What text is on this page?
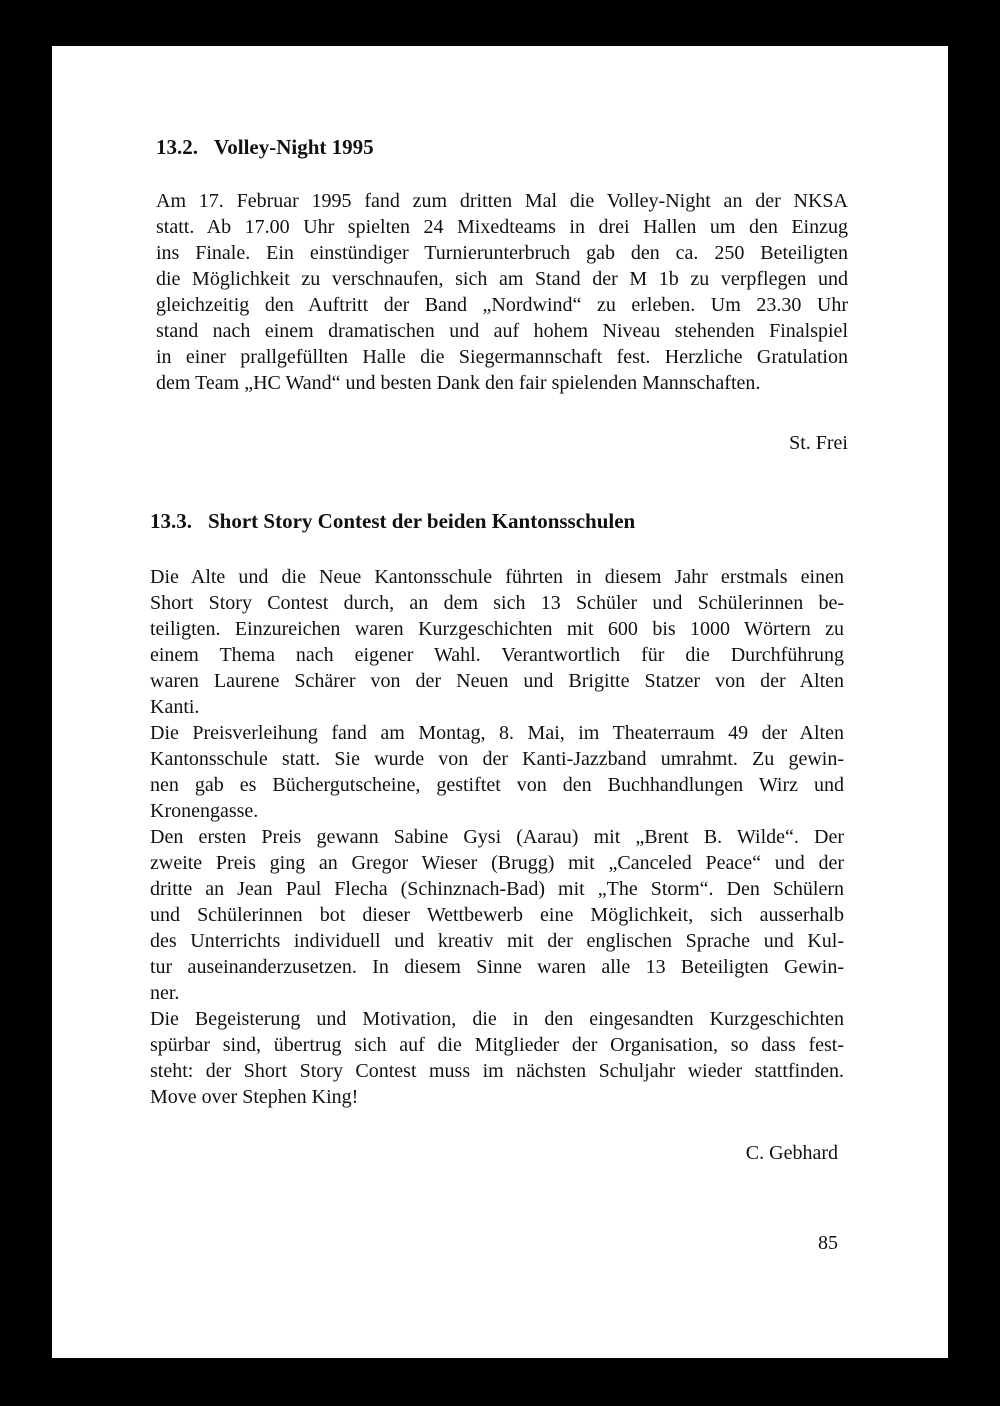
13.2. Volley-Night 1995
Am 17. Februar 1995 fand zum dritten Mal die Volley-Night an der NKSA
statt. Ab 17.00 Uhr spielten 24 Mixedteams in drei Hallen um den Einzug
ins Finale. Ein einstündiger Turnierunterbruch gab den ca. 250 Beteiligten
die Möglichkeit zu verschnaufen, sich am Stand der M 1b zu verpflegen und
gleichzeitig den Auftritt der Band „Nordwind“ zu erleben. Um 23.30 Uhr
stand nach einem dramatischen und auf hohem Niveau stehenden Finalspiel
in einer prallgefüllten Halle die Siegermannschaft fest. Herzliche Gratulation
dem Team „HC Wand“ und besten Dank den fair spielenden Mannschaften.
St. Frei
13.3. Short Story Contest der beiden Kantonsschulen
Die Alte und die Neue Kantonsschule führten in diesem Jahr erstmals einen
Short Story Contest durch, an dem sich 13 Schüler und Schülerinnen be-
teiligten. Einzureichen waren Kurzgeschichten mit 600 bis 1000 Wörtern zu
einem Thema nach eigener Wahl. Verantwortlich für die Durchführung
waren Laurene Schärer von der Neuen und Brigitte Statzer von der Alten
Kanti.
Die Preisverleihung fand am Montag, 8. Mai, im Theaterraum 49 der Alten
Kantonsschule statt. Sie wurde von der Kanti-Jazzband umrahmt. Zu gewin-
nen gab es Büchergutscheine, gestiftet von den Buchhandlungen Wirz und
Kronengasse.
Den ersten Preis gewann Sabine Gysi (Aarau) mit „Brent B. Wilde“. Der
zweite Preis ging an Gregor Wieser (Brugg) mit „Canceled Peace“ und der
dritte an Jean Paul Flecha (Schinznach-Bad) mit „The Storm“. Den Schülern
und Schülerinnen bot dieser Wettbewerb eine Möglichkeit, sich ausserhalb
des Unterrichts individuell und kreativ mit der englischen Sprache und Kul-
tur auseinanderzusetzen. In diesem Sinne waren alle 13 Beteiligten Gewin-
ner.
Die Begeisterung und Motivation, die in den eingesandten Kurzgeschichten
spürbar sind, übertrug sich auf die Mitglieder der Organisation, so dass fest-
steht: der Short Story Contest muss im nächsten Schuljahr wieder stattfinden.
Move over Stephen King!
C. Gebhard
85
